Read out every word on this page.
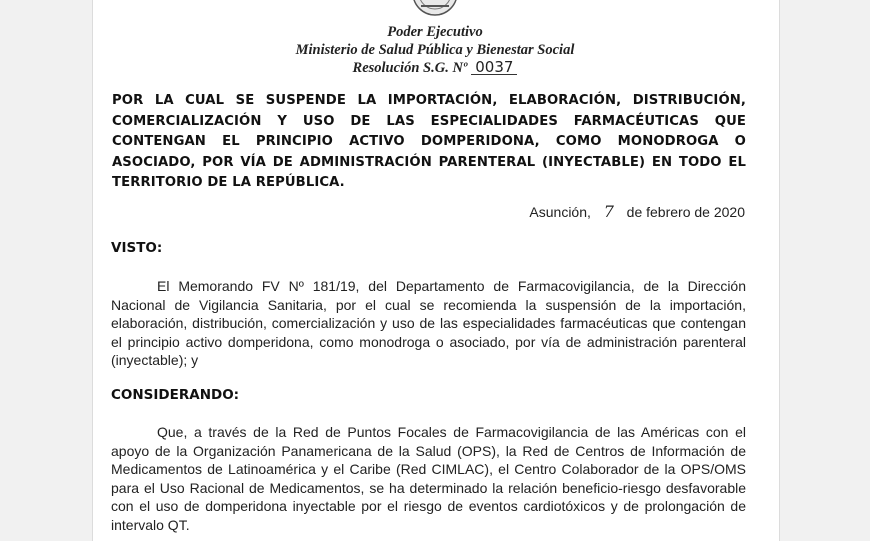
Poder Ejecutivo
Ministerio de Salud Pública y Bienestar Social
Resolución S.G. Nº 0037
POR LA CUAL SE SUSPENDE LA IMPORTACIÓN, ELABORACIÓN, DISTRIBUCIÓN, COMERCIALIZACIÓN Y USO DE LAS ESPECIALIDADES FARMACÉUTICAS QUE CONTENGAN EL PRINCIPIO ACTIVO DOMPERIDONA, COMO MONODROGA O ASOCIADO, POR VÍA DE ADMINISTRACIÓN PARENTERAL (INYECTABLE) EN TODO EL TERRITORIO DE LA REPÚBLICA.
Asunción, 7 de febrero de 2020
VISTO:
El Memorando FV Nº 181/19, del Departamento de Farmacovigilancia, de la Dirección Nacional de Vigilancia Sanitaria, por el cual se recomienda la suspensión de la importación, elaboración, distribución, comercialización y uso de las especialidades farmacéuticas que contengan el principio activo domperidona, como monodroga o asociado, por vía de administración parenteral (inyectable); y
CONSIDERANDO:
Que, a través de la Red de Puntos Focales de Farmacovigilancia de las Américas con el apoyo de la Organización Panamericana de la Salud (OPS), la Red de Centros de Información de Medicamentos de Latinoamérica y el Caribe (Red CIMLAC), el Centro Colaborador de la OPS/OMS para el Uso Racional de Medicamentos, se ha determinado la relación beneficio-riesgo desfavorable con el uso de domperidona inyectable por el riesgo de eventos cardiotóxicos y de prolongación de intervalo QT.
